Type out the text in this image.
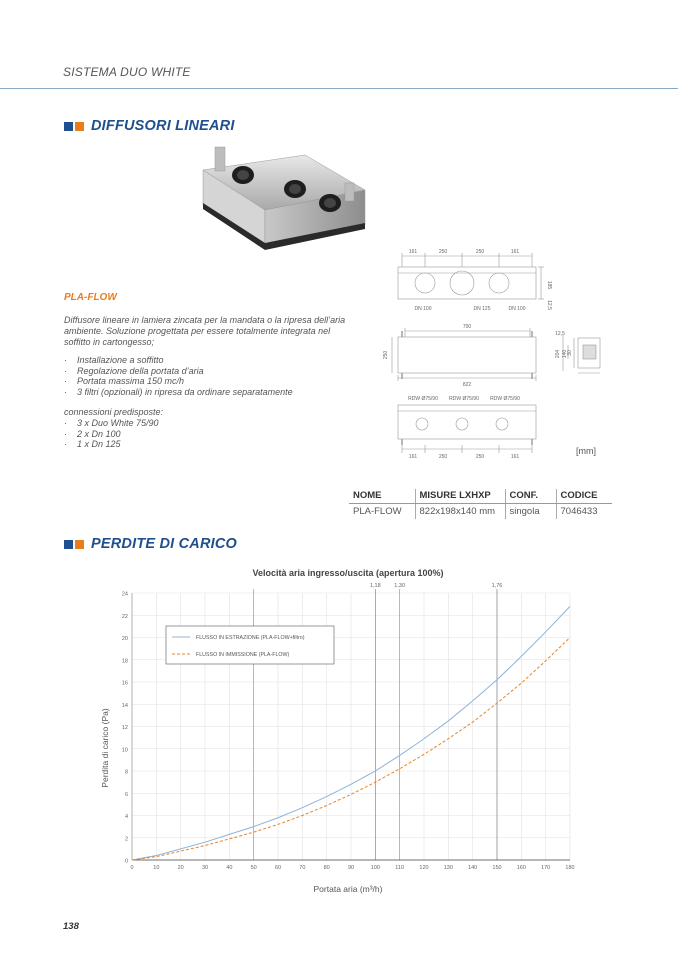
SISTEMA DUO WHITE
DIFFUSORI LINEARI
PLA-FLOW
Diffusore lineare in lamiera zincata per la mandata o la ripresa dell’aria ambiente. Soluzione progettata per essere totalmente integrata nel soffitto in cartongesso;
· Installazione a soffitto
· Regolazione della portata d’aria
· Portata massima 150 mc/h
· 3 filtri (opzionali) in ripresa da ordinare separatamente
connessioni predisposte:
· 3 x Duo White 75/90
· 2 x Dn 100
· 1 x Dn 125
161	250	250	161
185
12,5
DN 100	DN 125	DN 100
700
822
250
12,5
204 140 30
RDW Ø75/90 RDW Ø75/90 RDW Ø75/90
161	250	250	161
[mm]
NOME	MISURE LXHXP	CONF.	CODICE
PLA-FLOW	822x198x140 mm	singola	7046433
PERDITE DI CARICO
Velocità aria ingresso/uscita (apertura 100%)
0
2
4
6
8
10
12
14
16
18
20
22
24
0	10	20	30	40	50	60	70	80	90	100	110	120	130	140	150	160	170	180
1,18 1,30	1,76
FLUSSO IN ESTRAZIONE (PLA-FLOW+filtro)
FLUSSO IN IMMISSIONE (PLA-FLOW)
Perdita di carico (Pa)
Portata aria (m³/h)
138
